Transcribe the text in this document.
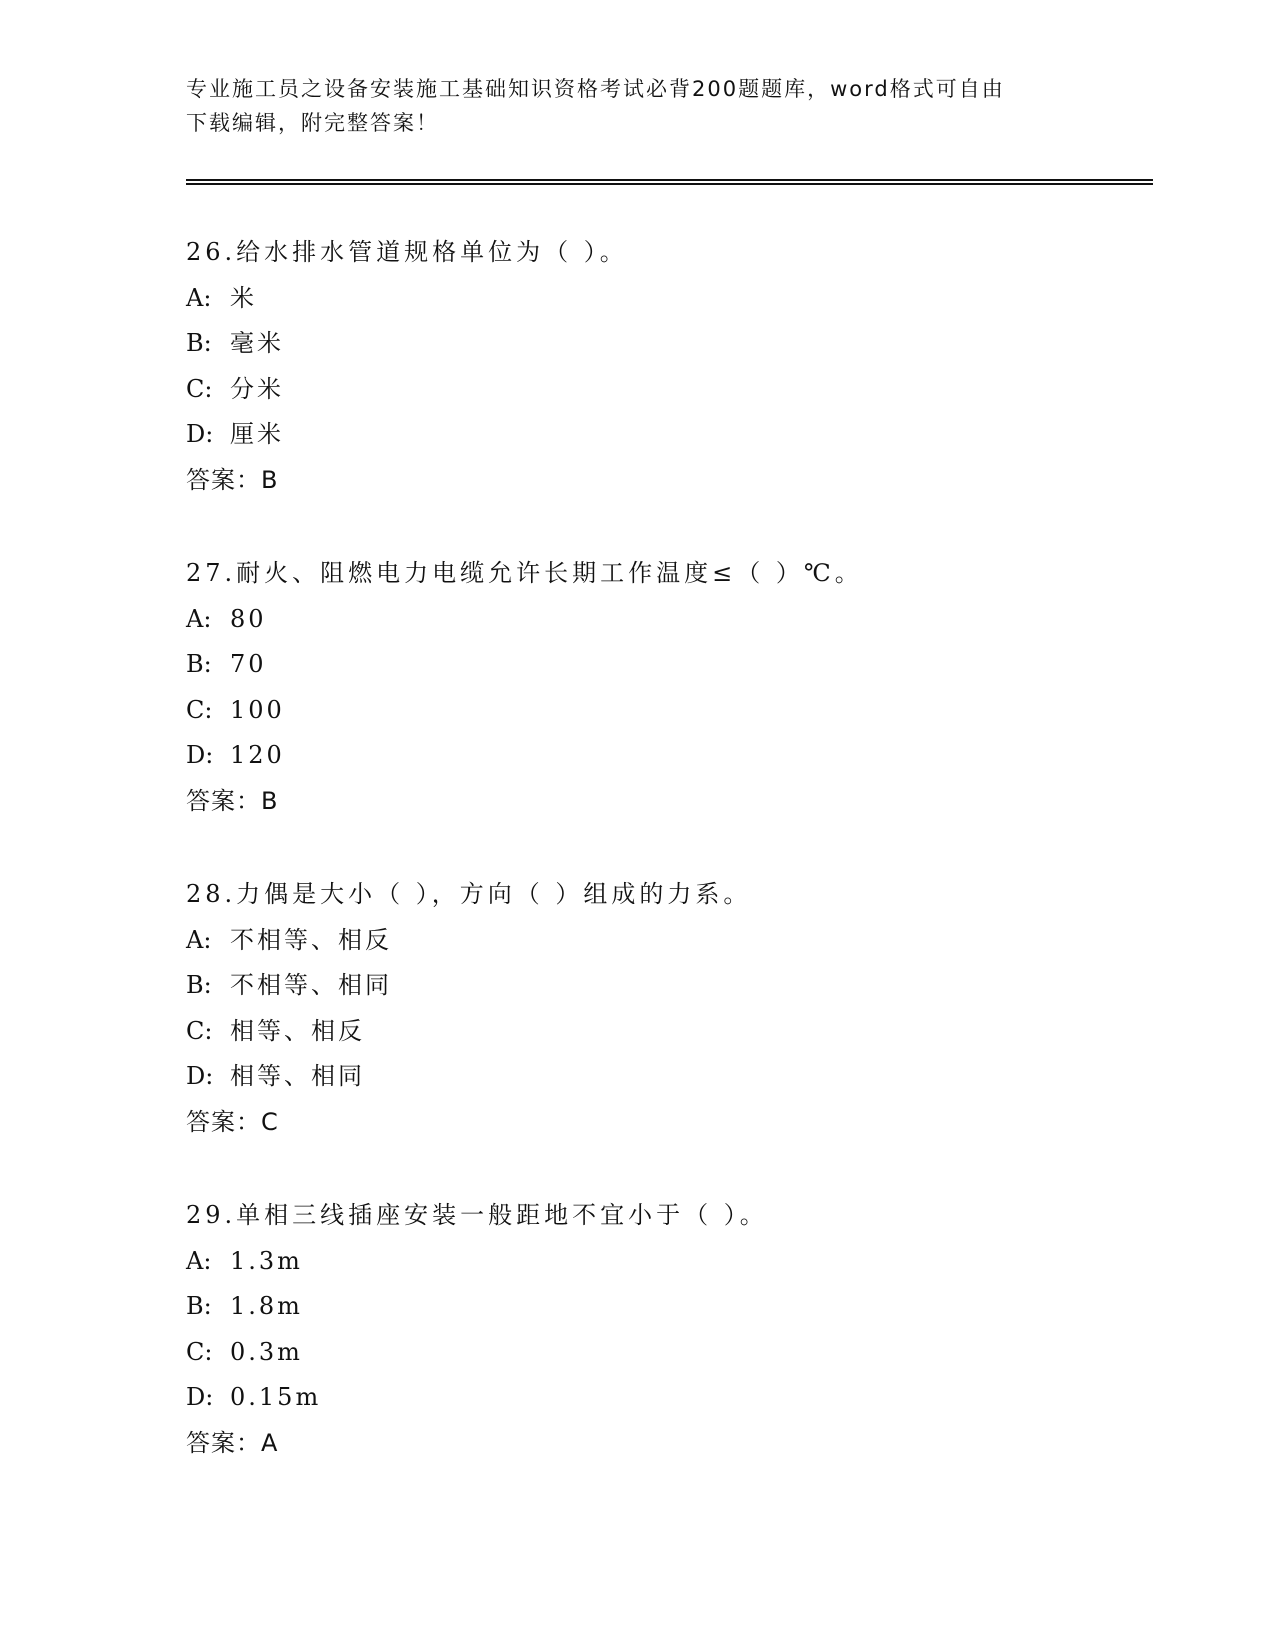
专业施工员之设备安装施工基础知识资格考试必背200题题库，word格式可自由
下载编辑，附完整答案！
26.给水排水管道规格单位为（ ）。
A: 米
B: 毫米
C: 分米
D: 厘米
答案：B
27.耐火、阻燃电力电缆允许长期工作温度≤（ ）℃。
A: 80
B: 70
C: 100
D: 120
答案：B
28.力偶是大小（ ），方向（ ）组成的力系。
A: 不相等、相反
B: 不相等、相同
C: 相等、相反
D: 相等、相同
答案：C
29.单相三线插座安装一般距地不宜小于（ ）。
A: 1.3m
B: 1.8m
C: 0.3m
D: 0.15m
答案：A
